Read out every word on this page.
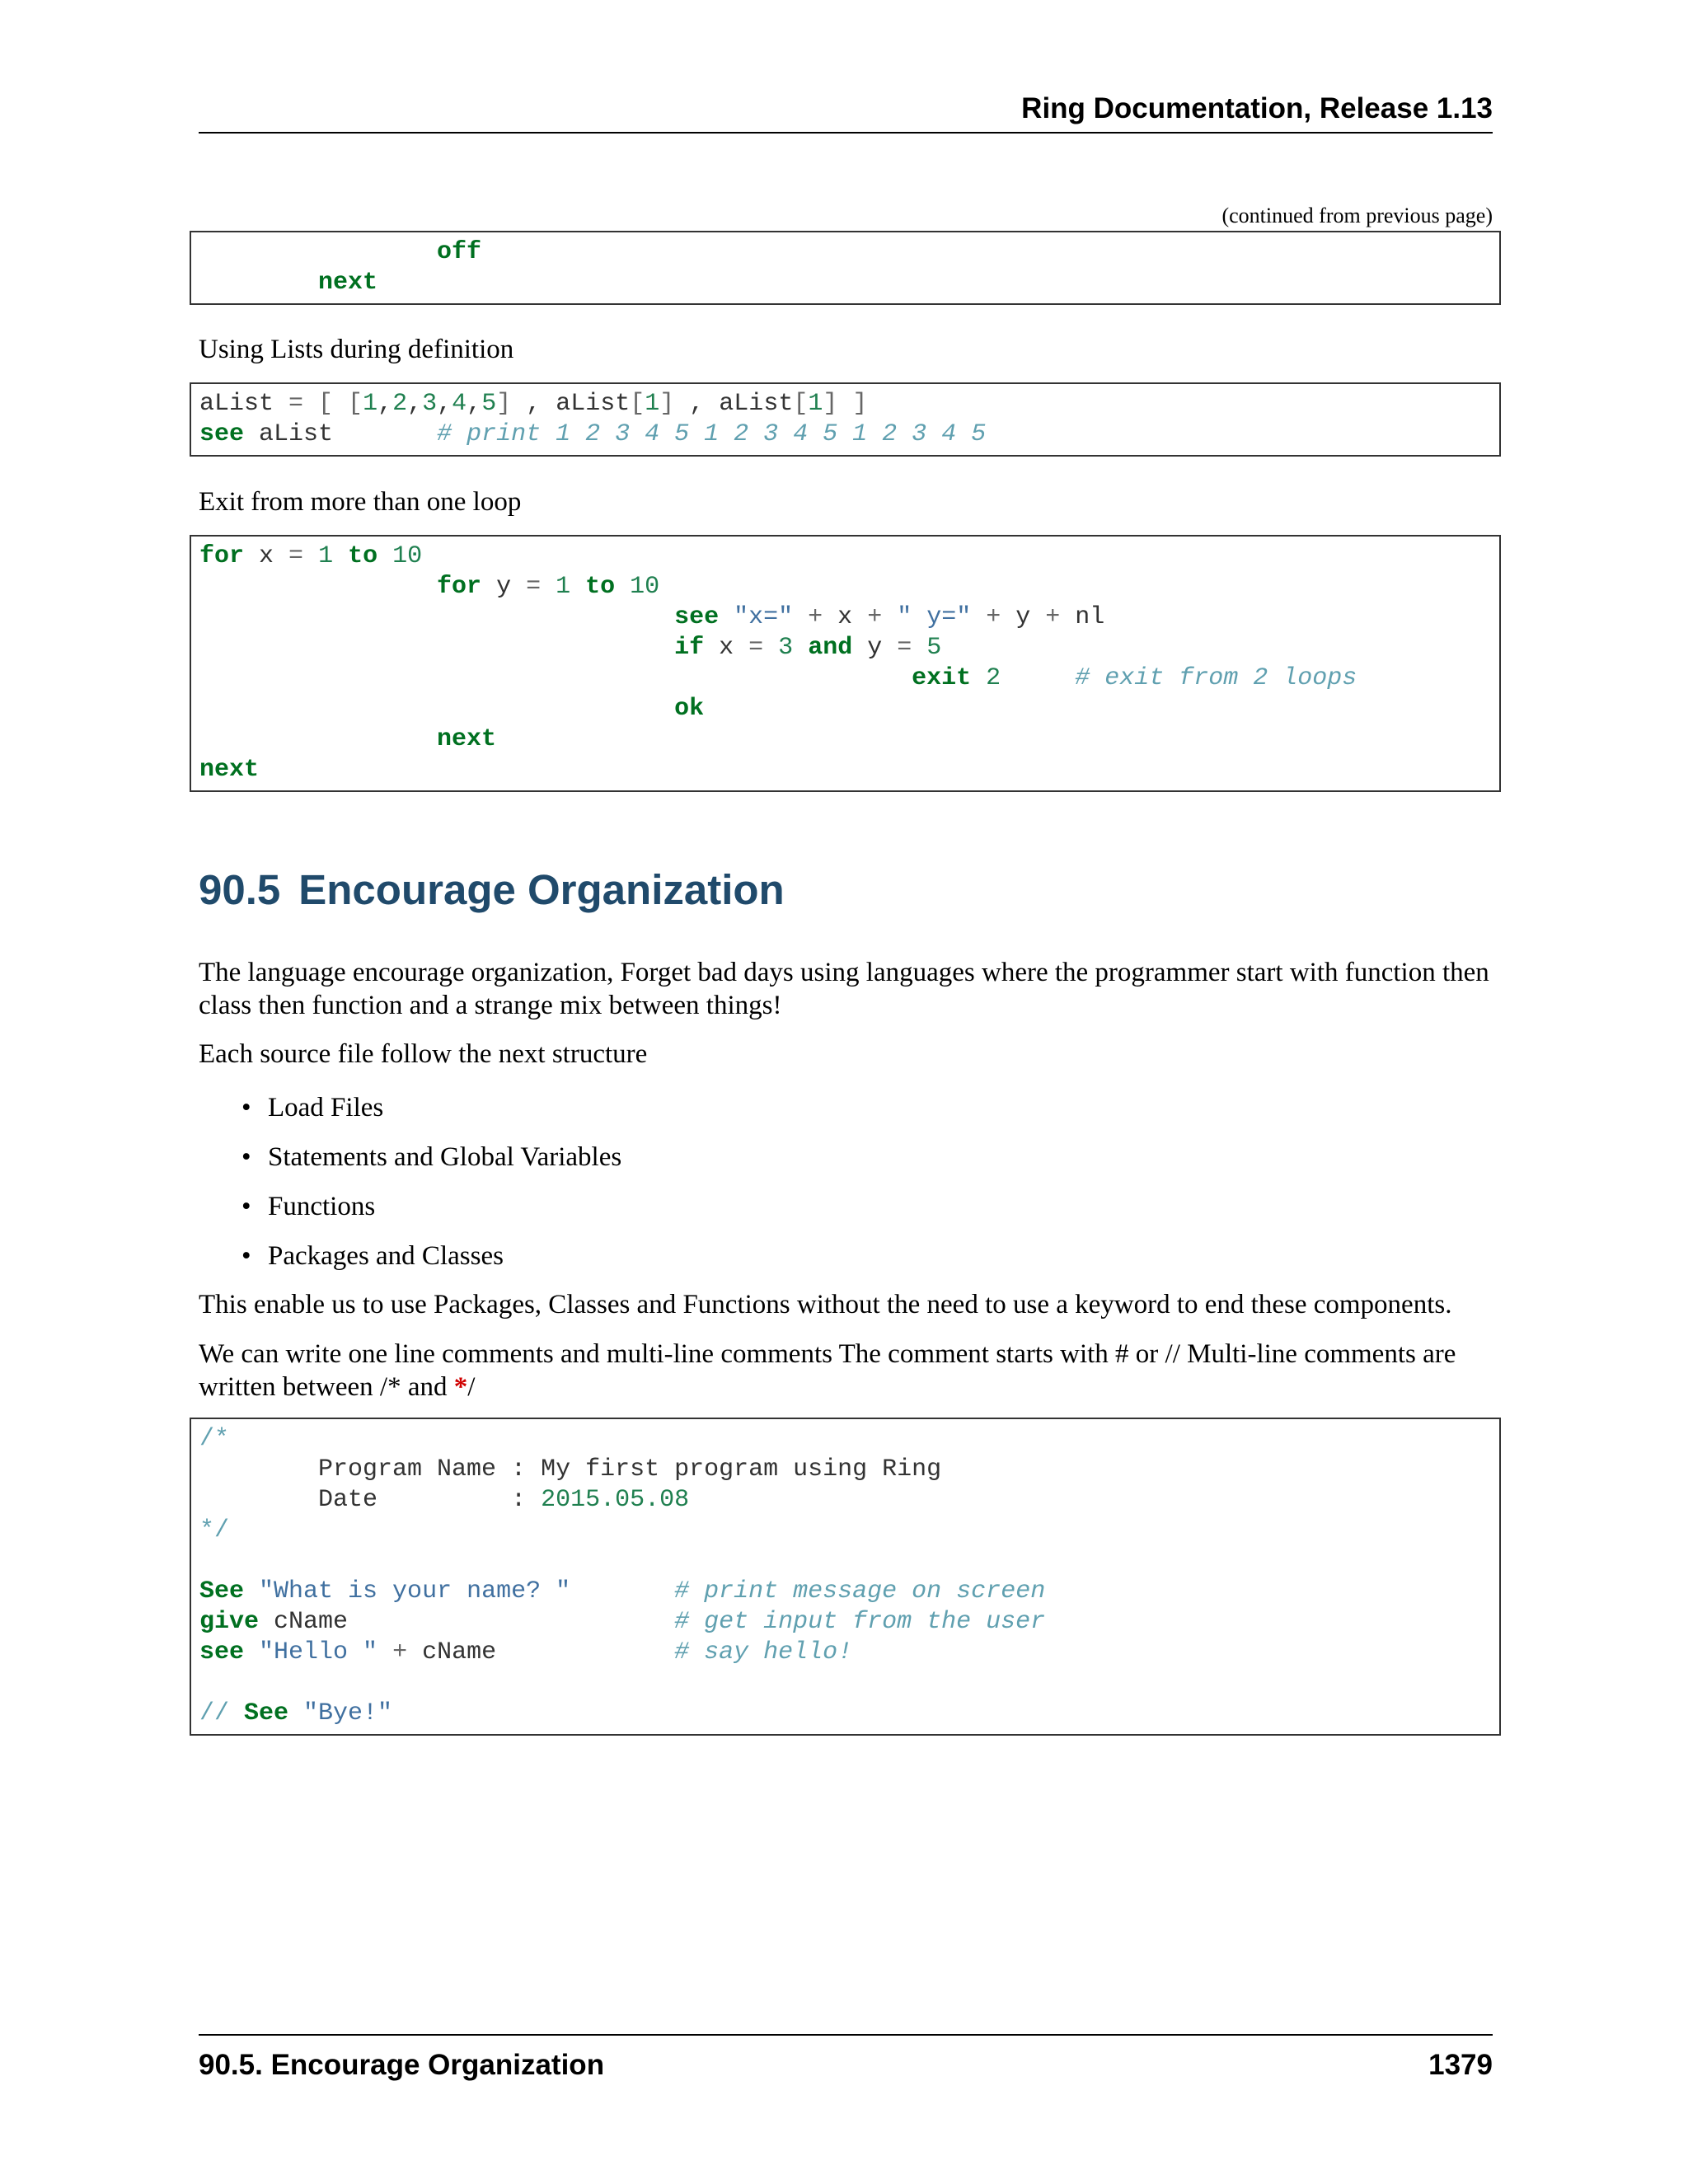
Ring Documentation, Release 1.13
(continued from previous page)
off
next
Using Lists during definition
aList = [ [1,2,3,4,5] , aList[1] , aList[1] ]
see aList       # print 1 2 3 4 5 1 2 3 4 5 1 2 3 4 5
Exit from more than one loop
for x = 1 to 10
for y = 1 to 10
see "x=" + x + " y=" + y + nl
if x = 3 and y = 5
exit 2	# exit from 2 loops
ok
next
next
90.5 Encourage Organization
The language encourage organization, Forget bad days using languages where the programmer start with function then class then function and a strange mix between things!
Each source file follow the next structure
• Load Files
• Statements and Global Variables
• Functions
• Packages and Classes
This enable us to use Packages, Classes and Functions without the need to use a keyword to end these components.
We can write one line comments and multi-line comments The comment starts with # or // Multi-line comments are written between /* and */
/*
Program Name : My first program using Ring
Date         : 2015.05.08
*/
See "What is your name? "	# print message on screen
give cName                      # get input from the user
see "Hello " + cName            # say hello!
// See "Bye!"
90.5. Encourage Organization	1379
